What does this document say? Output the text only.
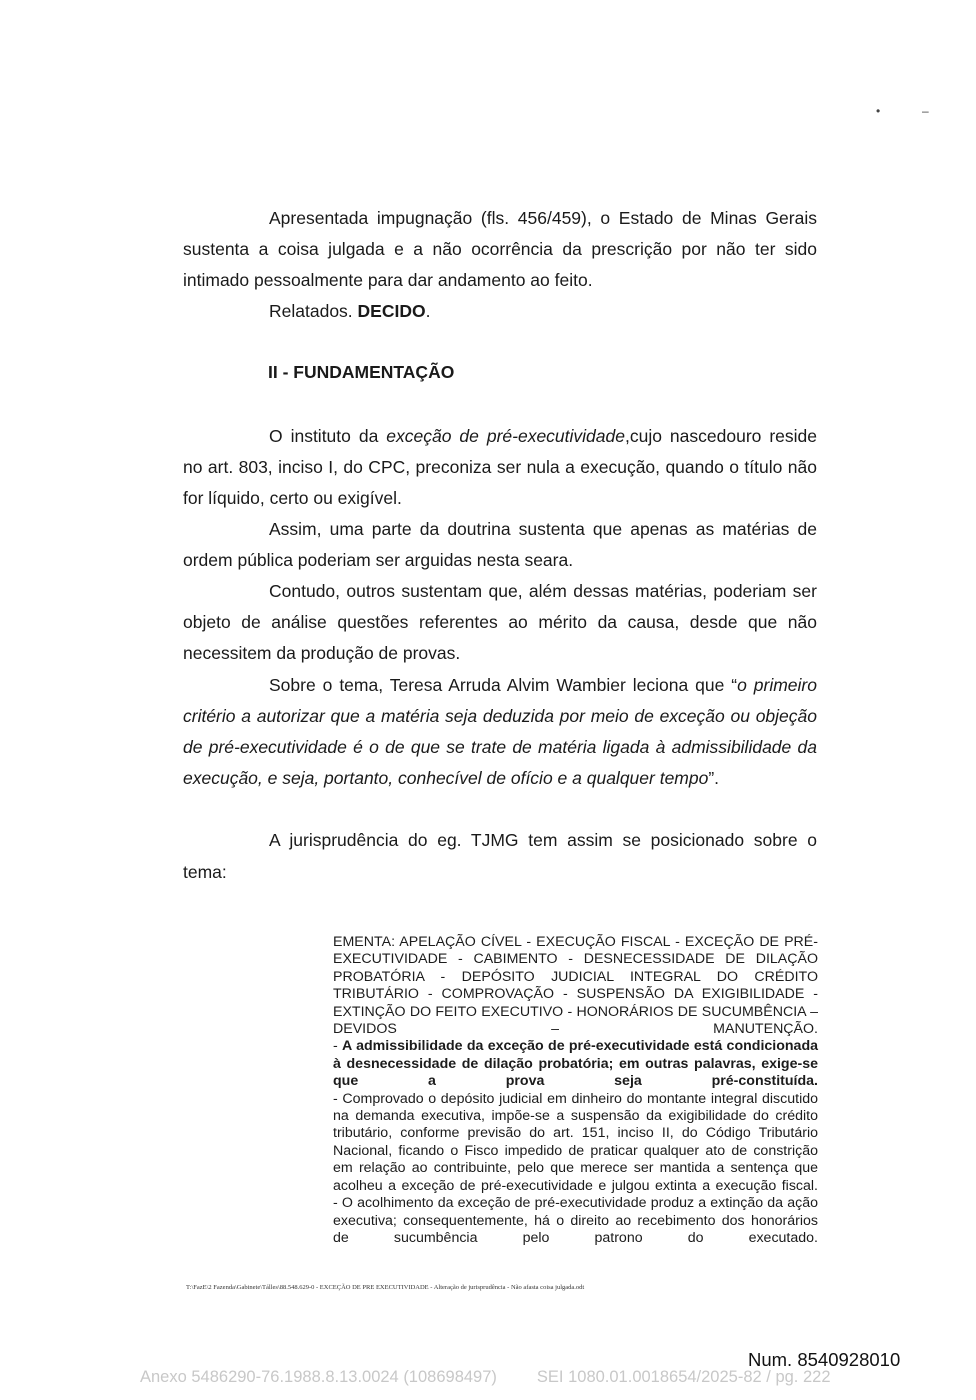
•	–

Apresentada impugnação (fls. 456/459), o Estado de Minas Gerais sustenta a coisa julgada e a não ocorrência da prescrição por não ter sido intimado pessoalmente para dar andamento ao feito.

Relatados. DECIDO.

II - FUNDAMENTAÇÃO

O instituto da exceção de pré-executividade,cujo nascedouro reside no art. 803, inciso I, do CPC, preconiza ser nula a execução, quando o título não for líquido, certo ou exigível.

Assim, uma parte da doutrina sustenta que apenas as matérias de ordem pública poderiam ser arguidas nesta seara.

Contudo, outros sustentam que, além dessas matérias, poderiam ser objeto de análise questões referentes ao mérito da causa, desde que não necessitem da produção de provas.

Sobre o tema, Teresa Arruda Alvim Wambier leciona que “o primeiro critério a autorizar que a matéria seja deduzida por meio de exceção ou objeção de pré-executividade é o de que se trate de matéria ligada à admissibilidade da execução, e seja, portanto, conhecível de ofício e a qualquer tempo”.

A jurisprudência do eg. TJMG tem assim se posicionado sobre o

tema:

EMENTA: APELAÇÃO CÍVEL - EXECUÇÃO FISCAL - EXCEÇÃO DE PRÉ-EXECUTIVIDADE - CABIMENTO - DESNECESSIDADE DE DILAÇÃO PROBATÓRIA - DEPÓSITO JUDICIAL INTEGRAL DO CRÉDITO TRIBUTÁRIO - COMPROVAÇÃO - SUSPENSÃO DA EXIGIBILIDADE - EXTINÇÃO DO FEITO EXECUTIVO - HONORÁRIOS DE SUCUMBÊNCIA – DEVIDOS – MANUTENÇÃO.

- A admissibilidade da exceção de pré-executividade está condicionada à desnecessidade de dilação probatória; em outras palavras, exige-se que a prova seja pré-constituída.

- Comprovado o depósito judicial em dinheiro do montante integral discutido na demanda executiva, impõe-se a suspensão da exigibilidade do crédito tributário, conforme previsão do art. 151, inciso II, do Código Tributário Nacional, ficando o Fisco impedido de praticar qualquer ato de constrição em relação ao contribuinte, pelo que merece ser mantida a sentença que acolheu a exceção de pré-executividade e julgou extinta a execução fiscal.

- O acolhimento da exceção de pré-executividade produz a extinção da ação executiva; consequentemente, há o direito ao recebimento dos honorários de sucumbência pelo patrono do executado.

T:\FazE\2 Fazenda\Gabinete\Tálles\88.548.629-0 - EXCEÇÃO DE PRE EXECUTIVIDADE - Alteração de jurisprudência - Não afasta coisa julgada.odt
Num. 8540928010
Anexo 5486290-76.1988.8.13.0024 (108698497) SEI 1080.01.0018654/2025-82 / pg. 222
